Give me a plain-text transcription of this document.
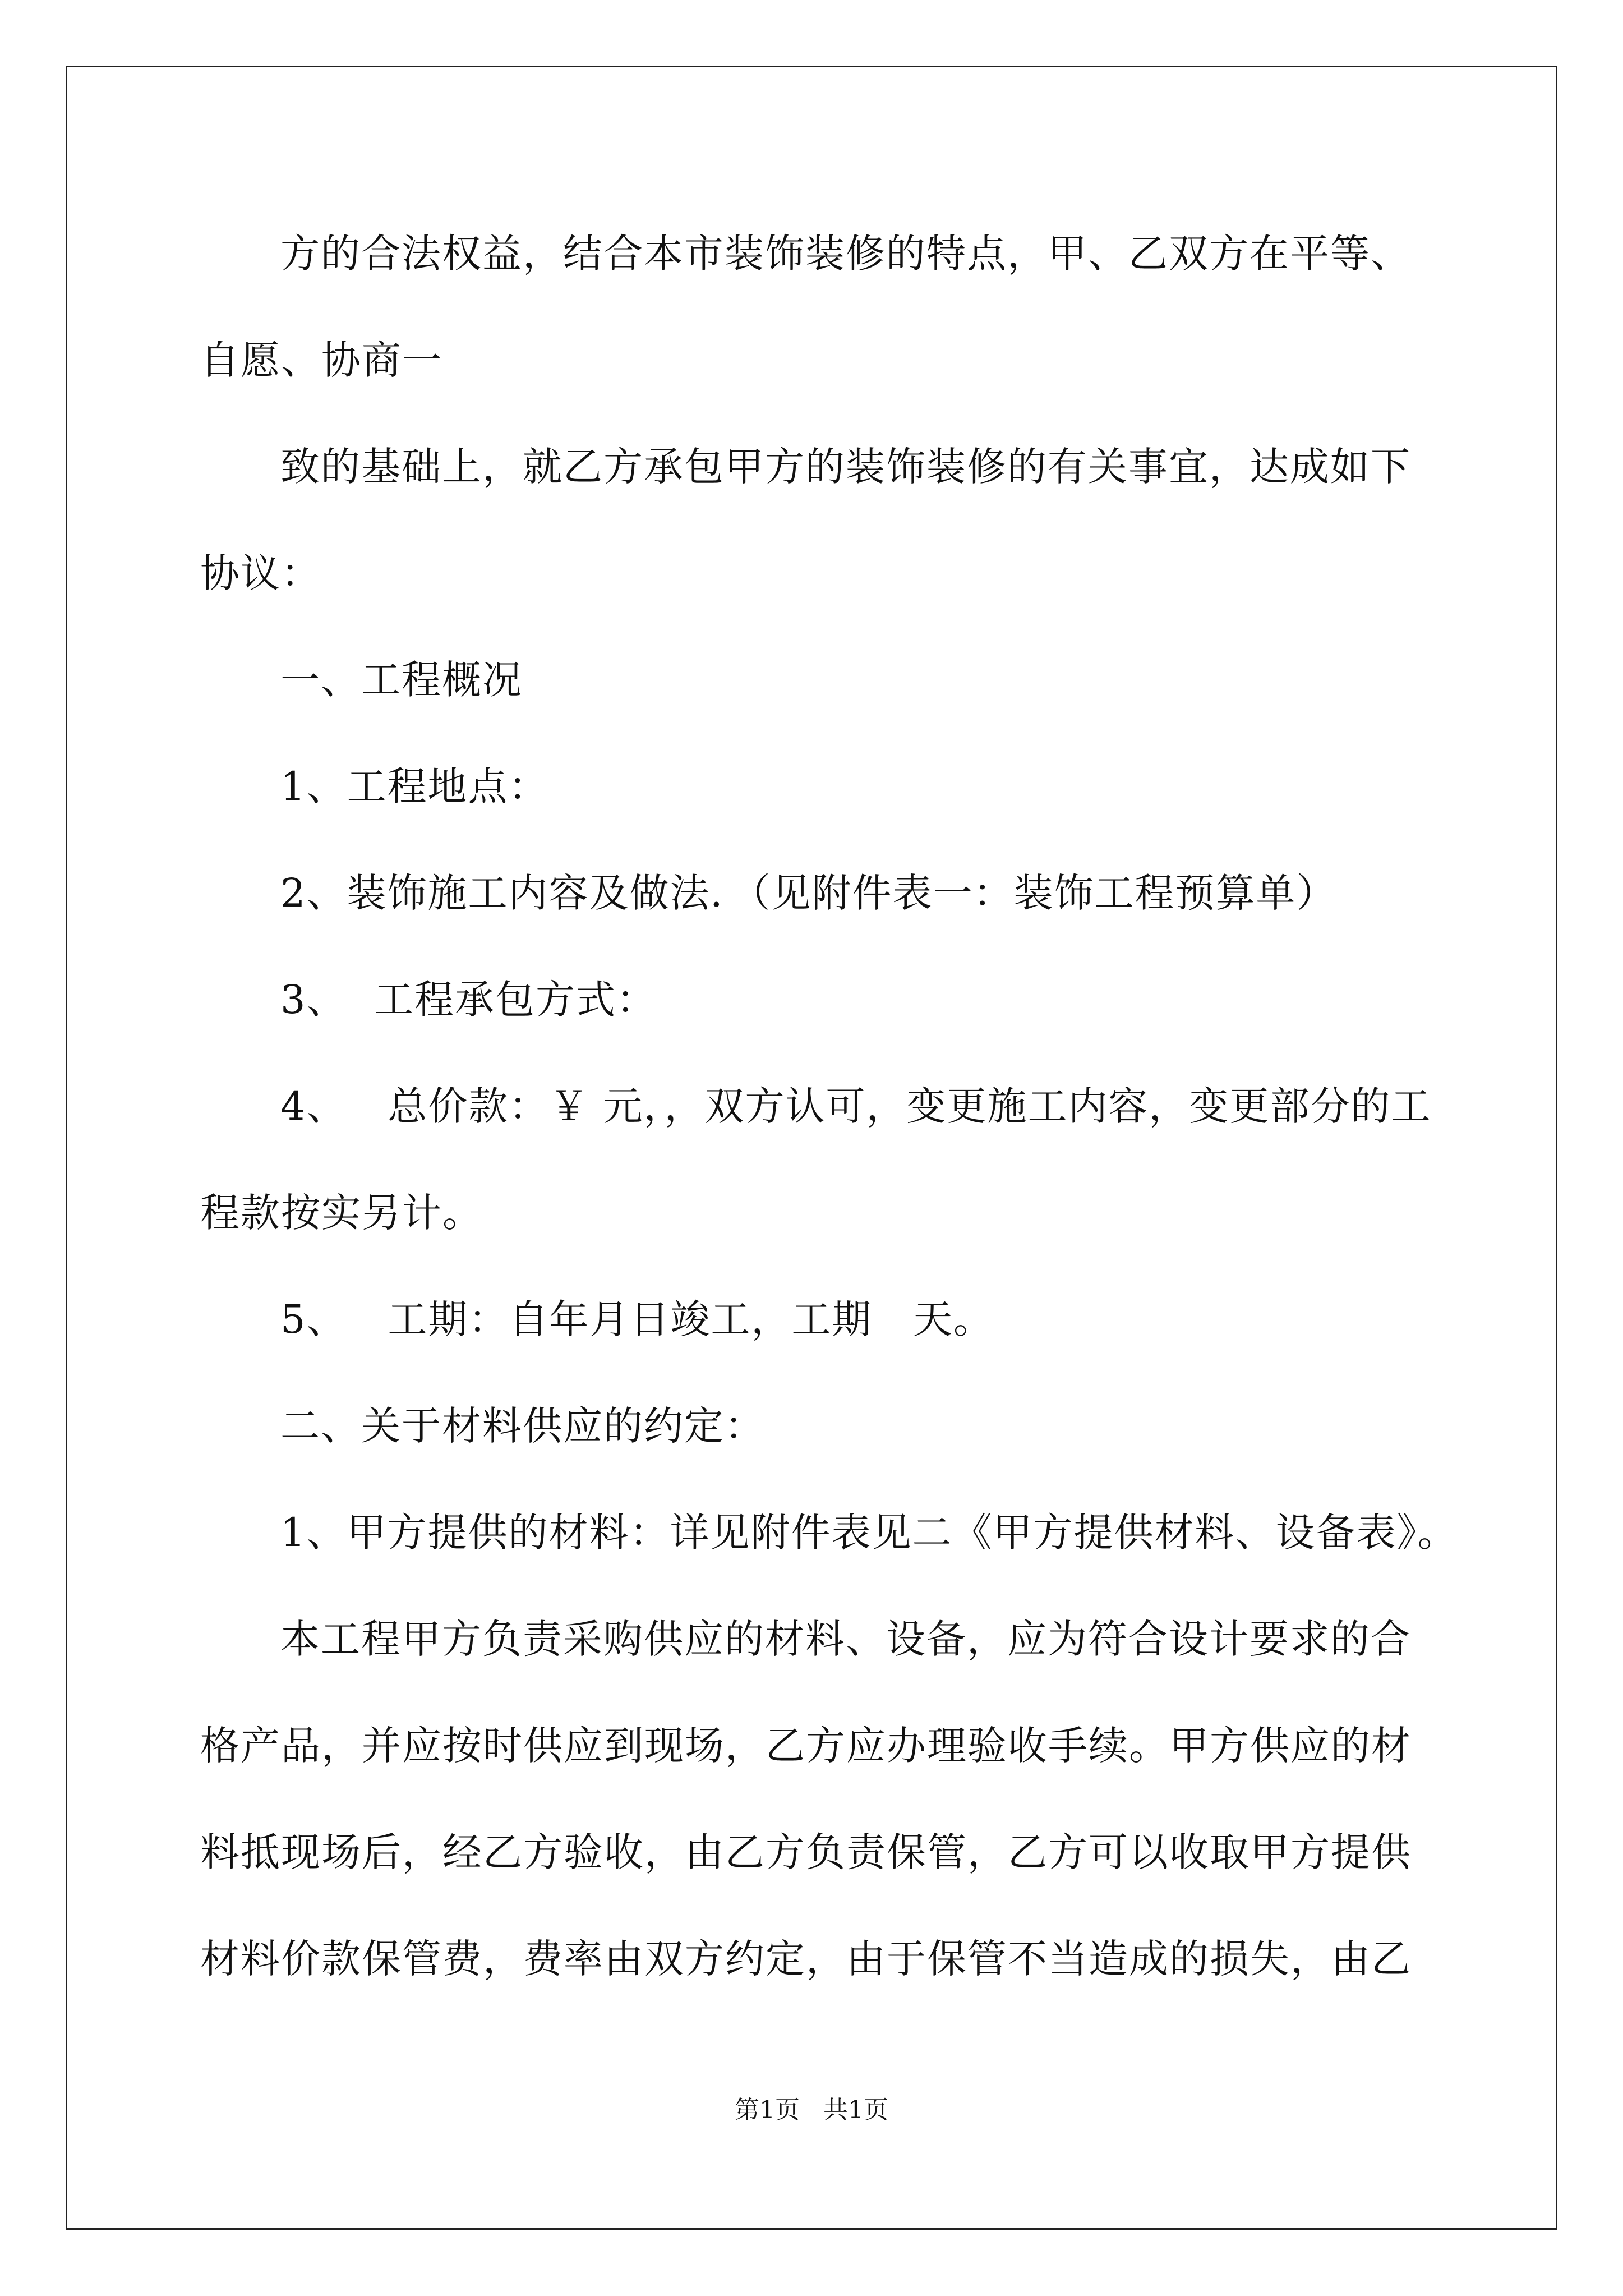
方的合法权益，结合本市装饰装修的特点，甲、乙双方在平等、
自愿、协商一
致的基础上，就乙方承包甲方的装饰装修的有关事宜，达成如下
协议：
一、工程概况
1、工程地点：
2、装饰施工内容及做法．（见附件表一：装饰工程预算单）
3、  工程承包方式：
4、   总价款：￥ 元，，双方认可，变更施工内容，变更部分的工
程款按实另计。
5、   工期：自年月日竣工，工期   天。
二、关于材料供应的约定：
1、甲方提供的材料：详见附件表见二《甲方提供材料、设备表》。
本工程甲方负责采购供应的材料、设备，应为符合设计要求的合
格产品，并应按时供应到现场，乙方应办理验收手续。甲方供应的材
料抵现场后，经乙方验收，由乙方负责保管，乙方可以收取甲方提供
材料价款保管费，费率由双方约定，由于保管不当造成的损失，由乙
第1页   共1页
